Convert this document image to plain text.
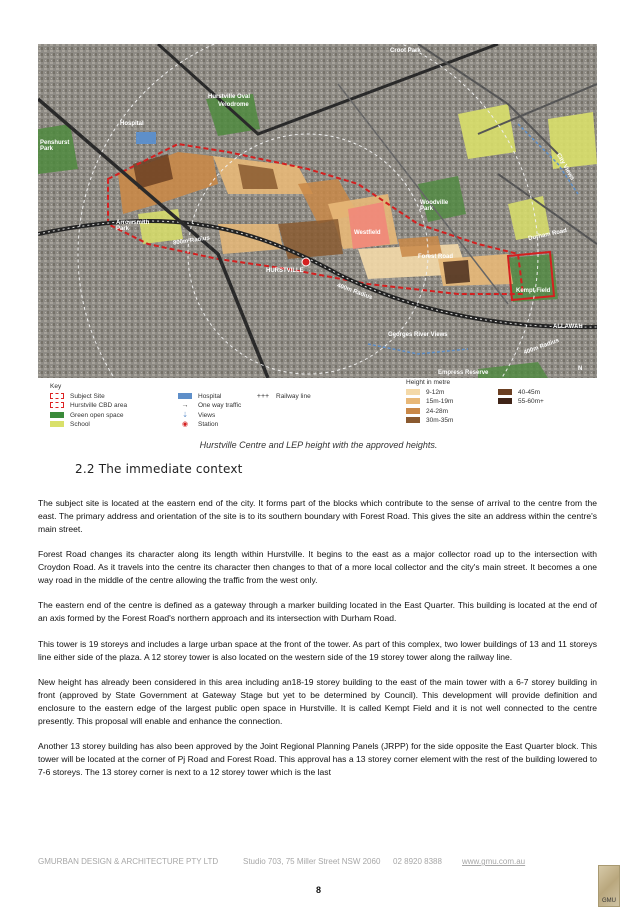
Croot Park
Hurstville Oval
Velodrome
Hospital
Penshurst Park
Arrowsmith Park
800m Radius
Westfield
HURSTVILLE
400m Radius
Woodville Park
City Views
Durham Road
Forest Road
Kempt Field
ALLAWAH
Georges River Views
400m Radius
Empress Reserve
N
Key
Subject Site
Hurstville CBD area
Green open space
School
Hospital
→ One way traffic
⇣ Views
◉ Station
+++ Railway line
Height in metre
9-12m
15m-19m
24-28m
30m-35m
40-45m
55-60m+
Hurstville Centre and LEP height with the approved heights.
2.2 The immediate context

The subject site is located at the eastern end of the city. It forms part of the blocks which contribute to the sense of arrival to the centre from the east. The primary address and orientation of the site is to its southern boundary with Forest Road. This gives the site an address within the centre's main street.

Forest Road changes its character along its length within Hurstville. It begins to the east as a major collector road up to the intersection with Croydon Road. As it travels into the centre its character then changes to that of a more local collector and the city's main street. It becomes a one way road in the middle of the centre allowing the traffic from the west only.

The eastern end of the centre is defined as a gateway through a marker building located in the East Quarter. This building is located at the end of an axis formed by the Forest Road's northern approach and its intersection with Durham Road.

This tower is 19 storeys and includes a large urban space at the front of the tower. As part of this complex, two lower buildings of 13 and 11 storeys line either side of the plaza. A 12 storey tower is also located on the western side of the 19 storey tower along the railway line.

New height has already been considered in this area including an18-19 storey building to the east of the main tower with a 6-7 storey building in front (approved by State Government at Gateway Stage but yet to be determined by Council). This development will provide definition and enclosure to the eastern edge of the largest public open space in Hurstville. It is called Kempt Field and it is not well connected to the centre presently. This proposal will enable and enhance the connection.

Another 13 storey building has also been approved by the Joint Regional Planning Panels (JRPP) for the side opposite the East Quarter block. This tower will be located at the corner of Pj Road and Forest Road. This approval has a 13 storey corner element with the rest of the building lowered to 7-6 storeys. The 13 storey corner is next to a 12 storey tower which is the last

GMURBAN DESIGN & ARCHITECTURE PTY LTD	Studio 703, 75 Miller Street NSW 2060 02 8920 8388	www.gmu.com.au
GMU
8
